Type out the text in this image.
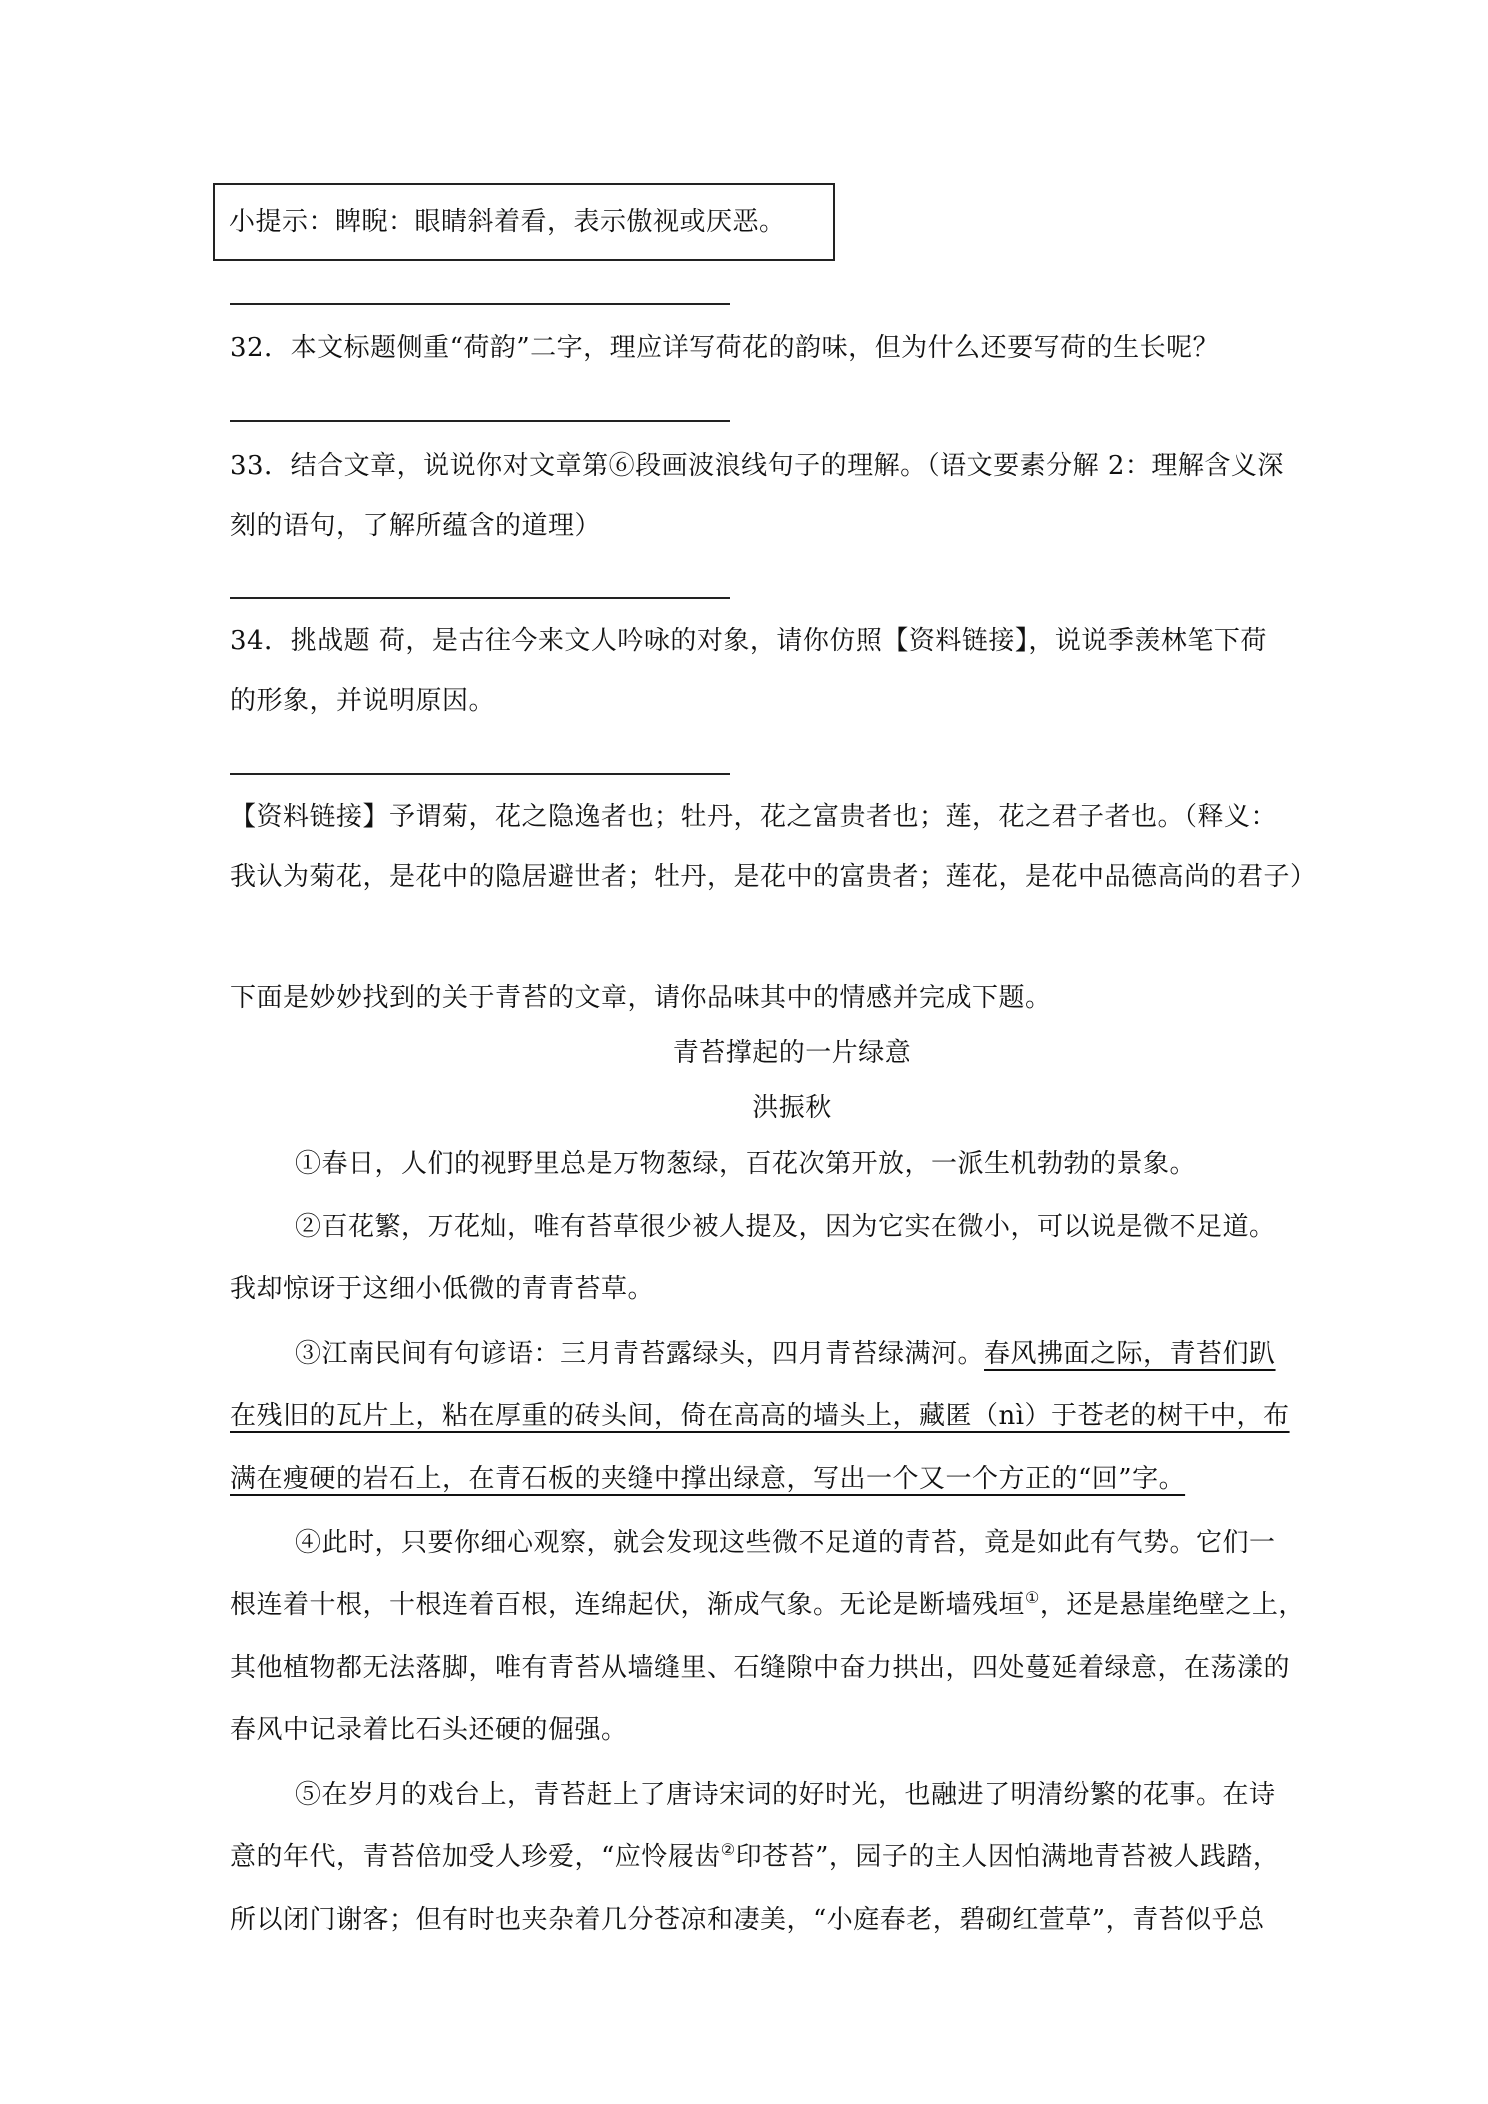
小提示：睥睨：眼睛斜着看，表示傲视或厌恶。
32．本文标题侧重“荷韵”二字，理应详写荷花的韵味，但为什么还要写荷的生长呢？
33．结合文章，说说你对文章第⑥段画波浪线句子的理解。（语文要素分解 2：理解含义深
刻的语句，了解所蕴含的道理）
34．挑战题 荷，是古往今来文人吟咏的对象，请你仿照【资料链接】，说说季羡林笔下荷
的形象，并说明原因。
【资料链接】予谓菊，花之隐逸者也；牡丹，花之富贵者也；莲，花之君子者也。（释义：
我认为菊花，是花中的隐居避世者；牡丹，是花中的富贵者；莲花，是花中品德高尚的君子）
下面是妙妙找到的关于青苔的文章，请你品味其中的情感并完成下题。
青苔撑起的一片绿意
洪振秋
①春日，人们的视野里总是万物葱绿，百花次第开放，一派生机勃勃的景象。
②百花繁，万花灿，唯有苔草很少被人提及，因为它实在微小，可以说是微不足道。
我却惊讶于这细小低微的青青苔草。
③江南民间有句谚语：三月青苔露绿头，四月青苔绿满河。春风拂面之际，青苔们趴
在残旧的瓦片上，粘在厚重的砖头间，倚在高高的墙头上，藏匿（nì）于苍老的树干中，布
满在瘦硬的岩石上，在青石板的夹缝中撑出绿意，写出一个又一个方正的“回”字。
④此时，只要你细心观察，就会发现这些微不足道的青苔，竟是如此有气势。它们一
根连着十根，十根连着百根，连绵起伏，渐成气象。无论是断墙残垣①，还是悬崖绝壁之上，
其他植物都无法落脚，唯有青苔从墙缝里、石缝隙中奋力拱出，四处蔓延着绿意，在荡漾的
春风中记录着比石头还硬的倔强。
⑤在岁月的戏台上，青苔赶上了唐诗宋词的好时光，也融进了明清纷繁的花事。在诗
意的年代，青苔倍加受人珍爱，“应怜屐齿②印苍苔”，园子的主人因怕满地青苔被人践踏，
所以闭门谢客；但有时也夹杂着几分苍凉和凄美，“小庭春老，碧砌红萱草”，青苔似乎总
